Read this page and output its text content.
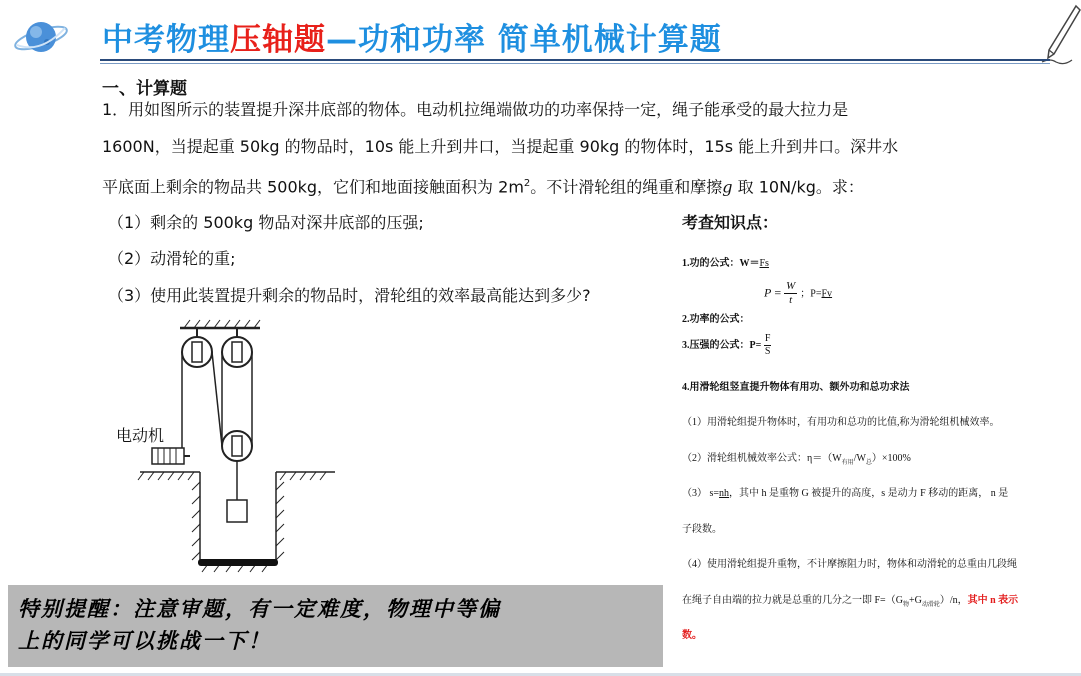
中考物理压轴题—功和功率 简单机械计算题
一、计算题
1．用如图所示的装置提升深井底部的物体。电动机拉绳端做功的功率保持一定，绳子能承受的最大拉力是
1600N，当提起重 50kg 的物品时，10s 能上升到井口，当提起重 90kg 的物体时，15s 能上升到井口。深井水
平底面上剩余的物品共 500kg，它们和地面接触面积为 $2m^2$。不计滑轮组的绳重和摩擦g 取 10N/kg。求：
（1）剩余的 500kg 物品对深井底部的压强;
（2）动滑轮的重;
（3）使用此装置提升剩余的物品时，滑轮组的效率最高能达到多少?
电动机
考查知识点：
1.功的公式：W＝Fs
$P = \frac{W}{t}$ ；P=Fv
2.功率的公式：
3.压强的公式：$P= \frac{F}{S}$
4.用滑轮组竖直提升物体有用功、额外功和总功求法
（1）用滑轮组提升物体时，有用功和总功的比值,称为滑轮组机械效率。
（2）滑轮组机械效率公式：$\eta=(W_{有用}/W_总)\times 100\%$
（3） s=nh，其中 h 是重物 G 被提升的高度，s 是动力 F 移动的距离， n 是
子段数。
（4）使用滑轮组提升重物，不计摩擦阻力时，物体和动滑轮的总重由几段绳
在绳子自由端的拉力就是总重的几分之一即 $F=(G_物+G_{动滑轮})/n$，其中 n 表示
数。
特别提醒：注意审题，有一定难度，物理中等偏
上的同学可以挑战一下！
